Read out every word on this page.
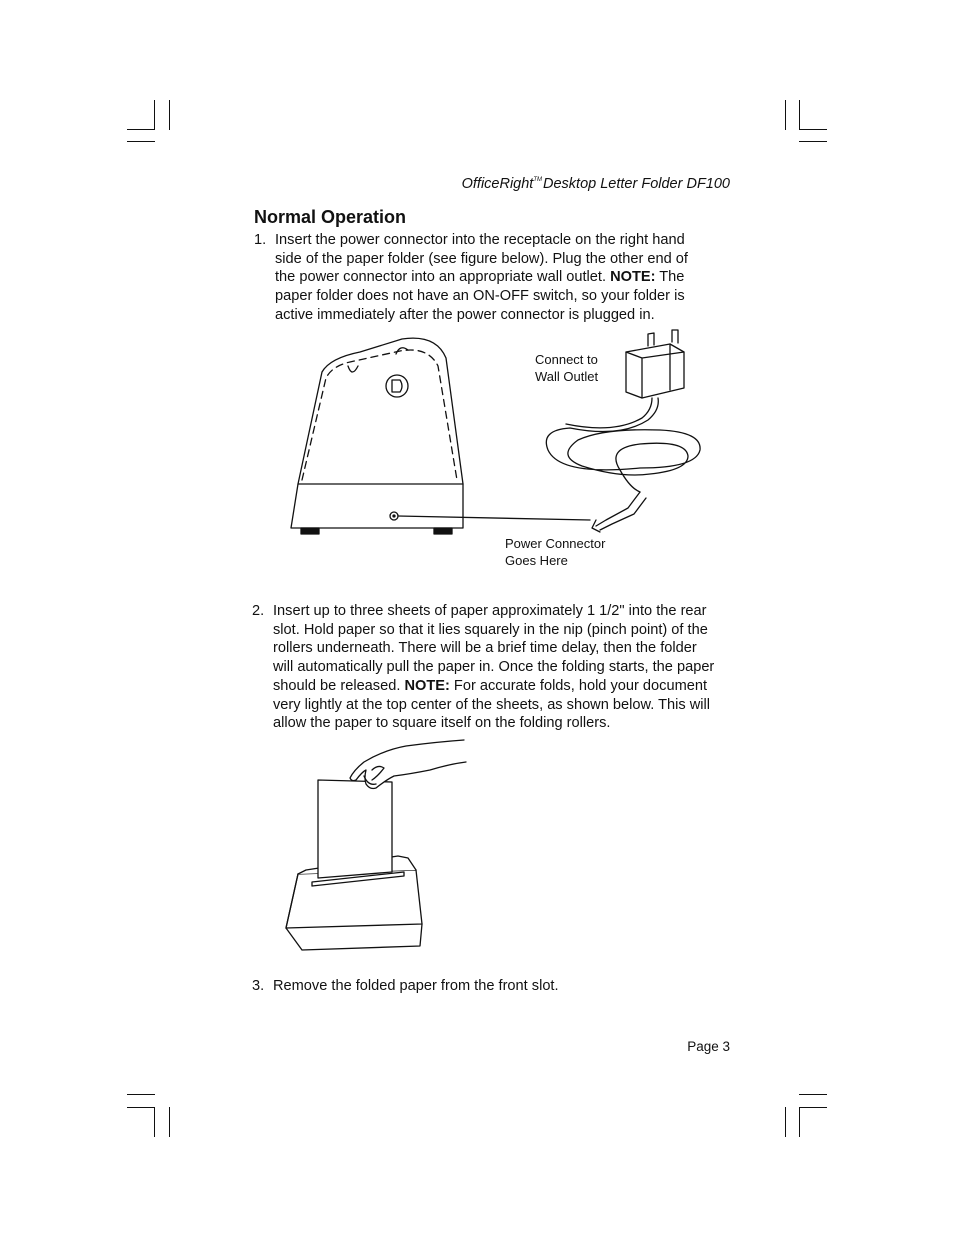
OfficeRight™Desktop Letter Folder DF100
Normal Operation
1. Insert the power connector into the receptacle on the right hand
side of the paper folder (see figure below). Plug the other end of
the power connector into an appropriate wall outlet. NOTE: The
paper folder does not have an ON-OFF switch, so your folder is
active immediately after the power connector is plugged in.
Connect to
Wall Outlet
Power Connector
Goes Here
2. Insert up to three sheets of paper approximately 1 1/2" into the rear
slot. Hold paper so that it lies squarely in the nip (pinch point) of the
rollers underneath. There will be a brief time delay, then the folder
will automatically pull the paper in. Once the folding starts, the paper
should be released. NOTE: For accurate folds, hold your document
very lightly at the top center of the sheets, as shown below. This will
allow the paper to square itself on the folding rollers.
3. Remove the folded paper from the front slot.
Page 3
